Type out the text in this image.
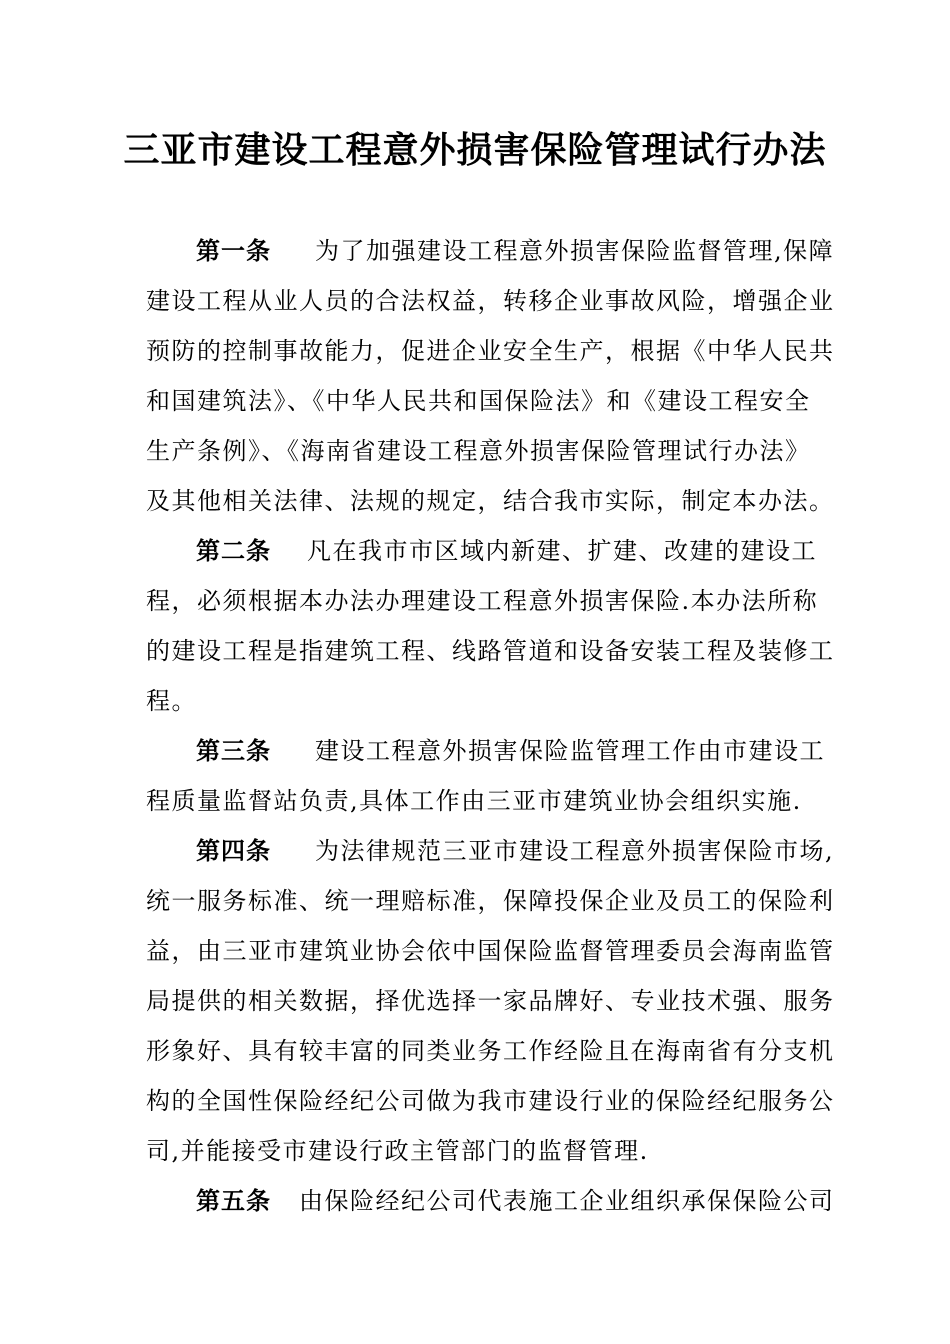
三亚市建设工程意外损害保险管理试行办法
第一条 为了加强建设工程意外损害保险监督管理,保障
建设工程从业人员的合法权益，转移企业事故风险，增强企业
预防的控制事故能力，促进企业安全生产，根据《中华人民共
和国建筑法》、《中华人民共和国保险法》和《建设工程安全
生产条例》、《海南省建设工程意外损害保险管理试行办法》
及其他相关法律、法规的规定，结合我市实际，制定本办法。
第二条 凡在我市市区域内新建、扩建、改建的建设工
程，必须根据本办法办理建设工程意外损害保险.本办法所称
的建设工程是指建筑工程、线路管道和设备安装工程及装修工
程。
第三条 建设工程意外损害保险监管理工作由市建设工
程质量监督站负责,具体工作由三亚市建筑业协会组织实施.
第四条 为法律规范三亚市建设工程意外损害保险市场,
统一服务标准、统一理赔标准，保障投保企业及员工的保险利
益，由三亚市建筑业协会依中国保险监督管理委员会海南监管
局提供的相关数据，择优选择一家品牌好、专业技术强、服务
形象好、具有较丰富的同类业务工作经险且在海南省有分支机
构的全国性保险经纪公司做为我市建设行业的保险经纪服务公
司,并能接受市建设行政主管部门的监督管理.
第五条 由保险经纪公司代表施工企业组织承保保险公司
